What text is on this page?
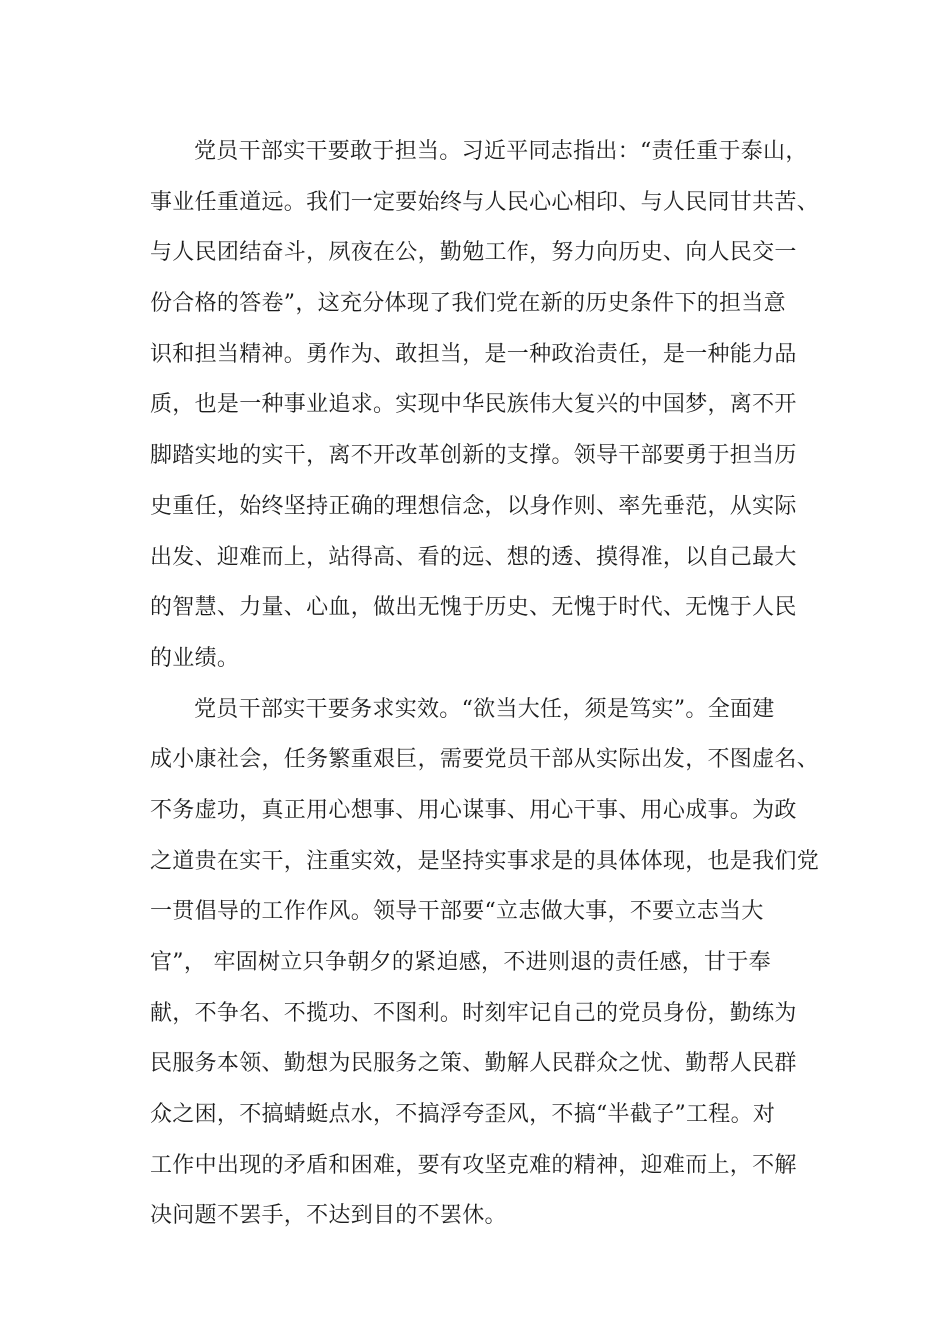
党员干部实干要敢于担当。习近平同志指出：“责任重于泰山，
事业任重道远。我们一定要始终与人民心心相印、与人民同甘共苦、
与人民团结奋斗，夙夜在公，勤勉工作，努力向历史、向人民交一
份合格的答卷”，这充分体现了我们党在新的历史条件下的担当意
识和担当精神。勇作为、敢担当，是一种政治责任，是一种能力品
质，也是一种事业追求。实现中华民族伟大复兴的中国梦，离不开
脚踏实地的实干，离不开改革创新的支撑。领导干部要勇于担当历
史重任，始终坚持正确的理想信念，以身作则、率先垂范，从实际
出发、迎难而上，站得高、看的远、想的透、摸得准，以自己最大
的智慧、力量、心血，做出无愧于历史、无愧于时代、无愧于人民
的业绩。
党员干部实干要务求实效。“欲当大任，须是笃实”。全面建
成小康社会，任务繁重艰巨，需要党员干部从实际出发，不图虚名、
不务虚功，真正用心想事、用心谋事、用心干事、用心成事。为政
之道贵在实干，注重实效，是坚持实事求是的具体体现，也是我们党
一贯倡导的工作作风。领导干部要“立志做大事，不要立志当大
官”， 牢固树立只争朝夕的紧迫感，不进则退的责任感，甘于奉
献，不争名、不揽功、不图利。时刻牢记自己的党员身份，勤练为
民服务本领、勤想为民服务之策、勤解人民群众之忧、勤帮人民群
众之困，不搞蜻蜓点水，不搞浮夸歪风，不搞“半截子”工程。对
工作中出现的矛盾和困难，要有攻坚克难的精神，迎难而上，不解
决问题不罢手，不达到目的不罢休。
